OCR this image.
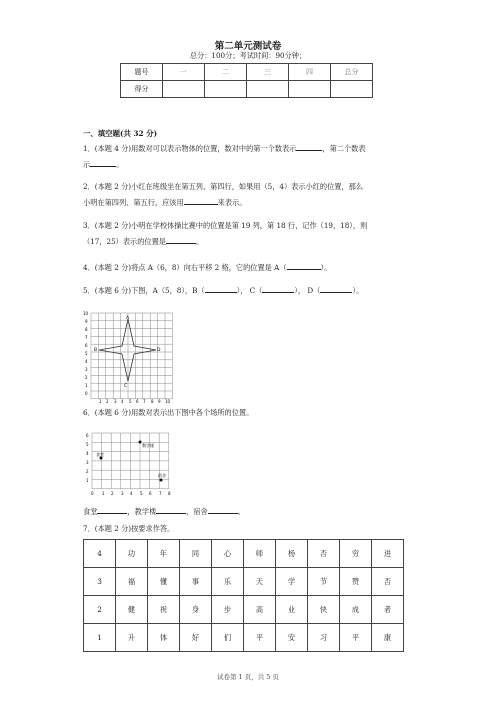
第二单元测试卷
总分：100分；考试时间：90分钟；
题号	一	二	三	四	总分
得分					
一、填空题(共 32 分)
1．(本题 4 分)用数对可以表示物体的位置，数对中的第一个数表示	，第二个数表
示	。
2．(本题 2 分)小红在班级坐在第五列、第四行，如果用（5，4）表示小红的位置，那么
小明在第四列、第五行，应该用	来表示。
3．(本题 2 分)小明在学校体操比赛中的位置是第 19 列，第 18 行，记作（19，18），则
（17，25）表示的位置是	。
4．(本题 2 分)将点 A（6，8）向右平移 2 格，它的位置是 A（	）。
5．(本题 6 分)下图，A（5，8），B（	）， C（	）， D（	）。
A
B
C
D
1 2 3 4 5 6 7 8 9 10
0
1
2
3
4
5
6
7
8
9
10
6．(本题 6 分)用数对表示出下图中各个场所的位置。
食堂
教学楼
宿舍
0 1 2 3 4 5 6 7 8
1
2
3
4
5
6
食堂	，教学楼	，宿舍	。
7．(本题 2 分)按要求作答。
4	功	年	同	心	师	杨	否	穷	进
3	福	懂	事	乐	天	学	节	赞	否
2	健	祝	身	步	高	业	快	成	者
1	升	体	好	们	平	安	习	平	康
试卷第 1 页，共 5 页
